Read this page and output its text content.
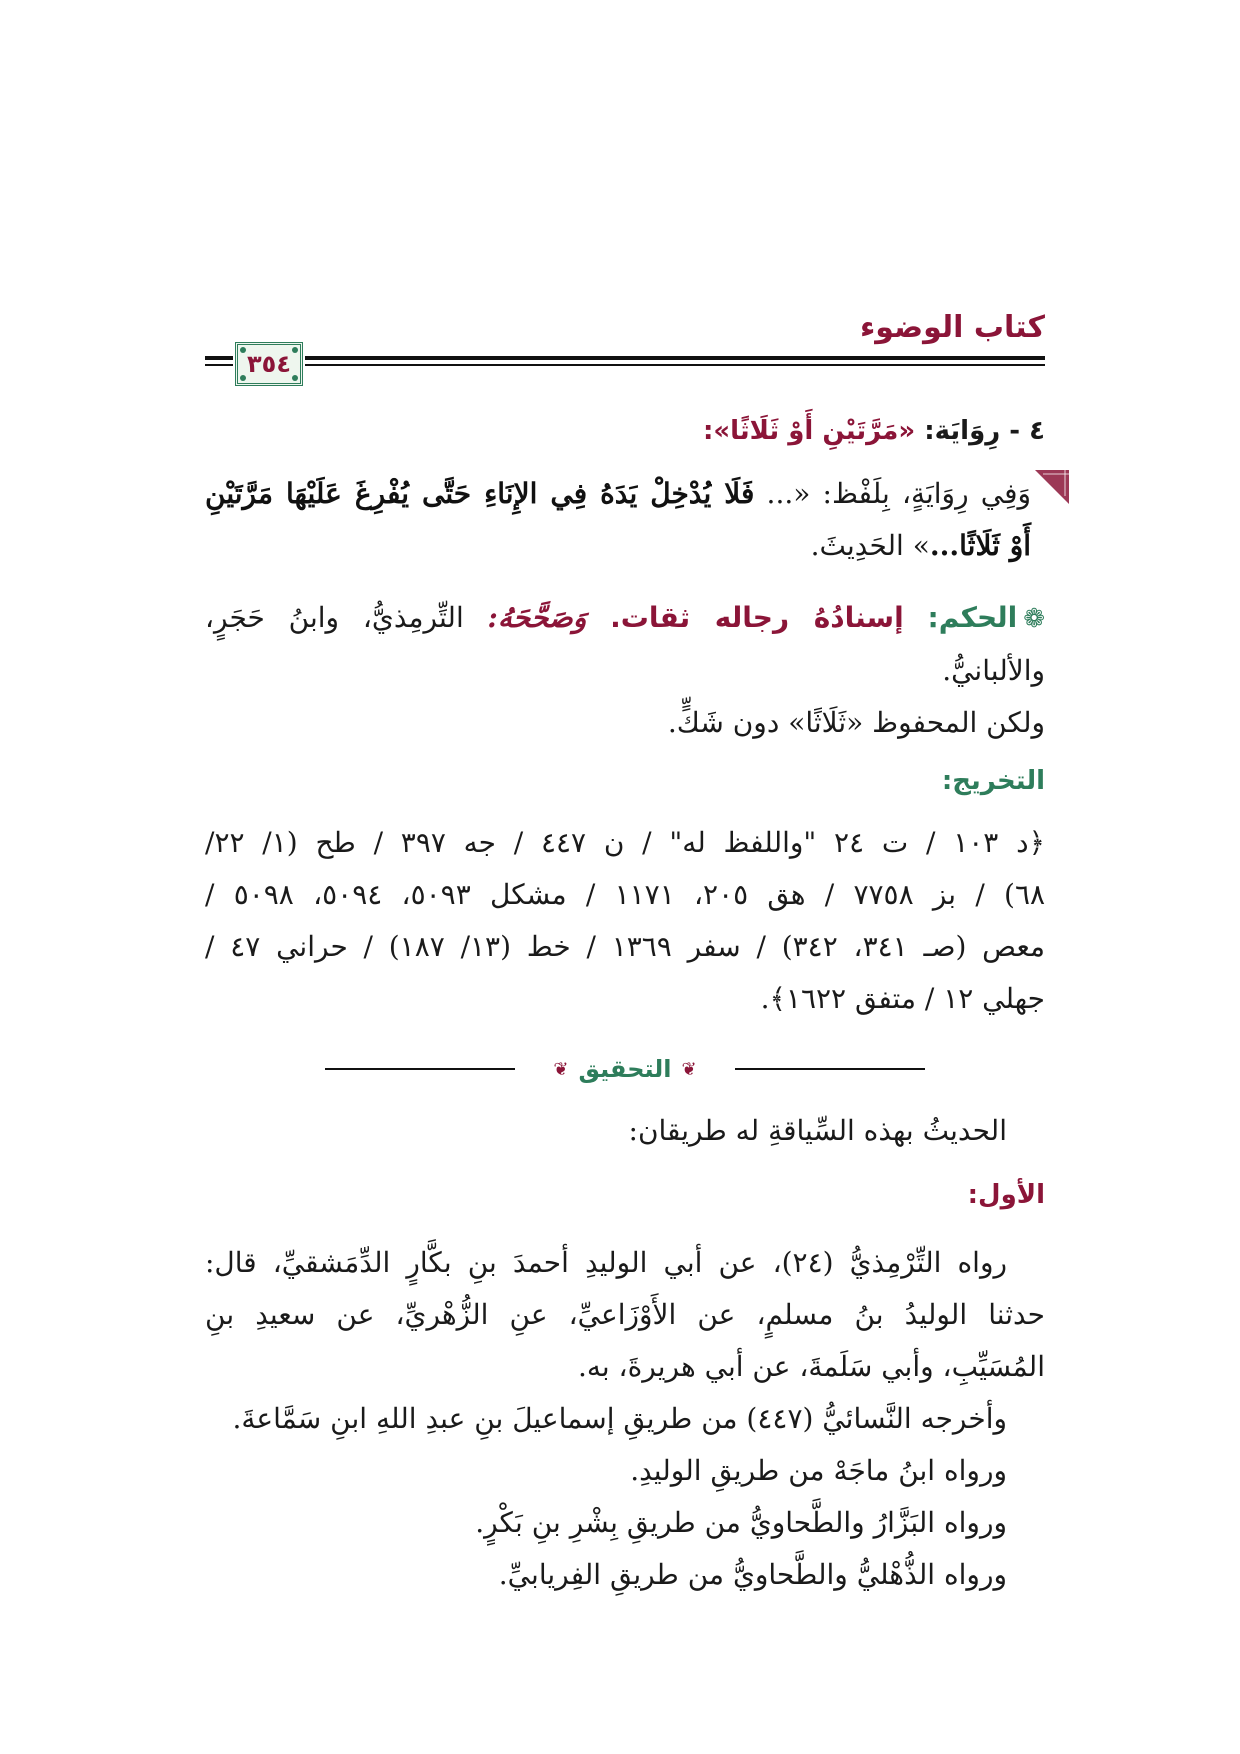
كتاب الوضوء
٣٥٤
٤ - رِوَايَة: «مَرَّتَيْنِ أَوْ ثَلَاثًا»:

وَفِي رِوَايَةٍ، بِلَفْظ: «... فَلَا يُدْخِلْ يَدَهُ فِي الإِنَاءِ حَتَّى يُفْرِغَ عَلَيْهَا مَرَّتَيْنِ

أَوْ ثَلَاثًا...» الحَدِيثَ.

❁الحكم: إسنادُهُ رجاله ثقات. وَصَحَّحَهُ: التِّرمِذيُّ، وابنُ حَجَرٍ، والألبانيُّ.

ولكن المحفوظ «ثَلَاثًا» دون شَكٍّ.

التخريج:

﴿د ١٠٣ / ت ٢٤ "واللفظ له" / ن ٤٤٧ / جه ٣٩٧ / طح (١/ ٢٢/

٦٨) / بز ٧٧٥٨ / هق ٢٠٥، ١١٧١ / مشكل ٥٠٩٣، ٥٠٩٤، ٥٠٩٨ /

معص (صـ ٣٤١، ٣٤٢) / سفر ١٣٦٩ / خط (١٣/ ١٨٧) / حراني ٤٧ /

جهلي ١٢ / متفق ١٦٢٢﴾.

❦
التحقيق
❦

الحديثُ بهذه السِّياقةِ له طريقان:

الأول:

رواه التِّرْمِذيُّ (٢٤)، عن أبي الوليدِ أحمدَ بنِ بكَّارٍ الدِّمَشقيِّ، قال:

حدثنا الوليدُ بنُ مسلمٍ، عن الأَوْزَاعيِّ، عنِ الزُّهْريِّ، عن سعيدِ بنِ

المُسَيِّبِ، وأبي سَلَمةَ، عن أبي هريرةَ، به.

وأخرجه النَّسائيُّ (٤٤٧) من طريقِ إسماعيلَ بنِ عبدِ اللهِ ابنِ سَمَّاعةَ.

ورواه ابنُ ماجَهْ من طريقِ الوليدِ.

ورواه البَزَّارُ والطَّحاويُّ من طريقِ بِشْرِ بنِ بَكْرٍ.

ورواه الذُّهْليُّ والطَّحاويُّ من طريقِ الفِريابيِّ.
